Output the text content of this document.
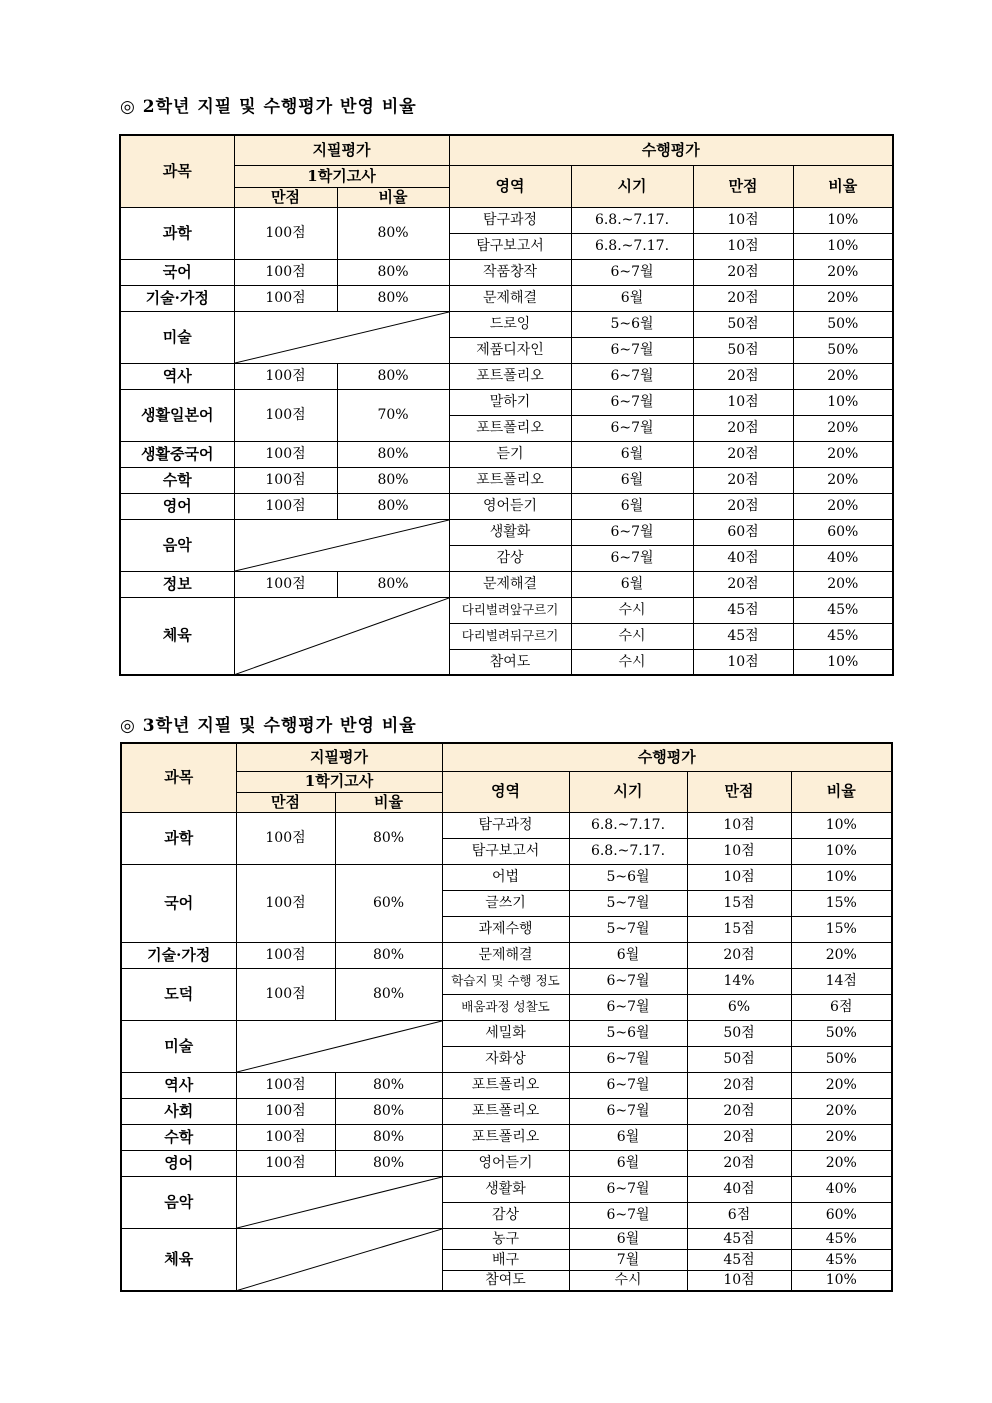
◎ 2학년 지필 및 수행평가 반영 비율
과목	지필평가		수행평가			
	1학기고사		영역	시기	만점	비율
	만점	비율				
과학	100점	80%	탐구과정	6.8.~7.17.	10점	10%
			탐구보고서	6.8.~7.17.	10점	10%
국어	100점	80%	작품창작	6~7월	20점	20%
기술·가정	100점	80%	문제해결	6월	20점	20%
미술			드로잉	5~6월	50점	50%
			제품디자인	6~7월	50점	50%
역사	100점	80%	포트폴리오	6~7월	20점	20%
생활일본어	100점	70%	말하기	6~7월	10점	10%
			포트폴리오	6~7월	20점	20%
생활중국어	100점	80%	듣기	6월	20점	20%
수학	100점	80%	포트폴리오	6월	20점	20%
영어	100점	80%	영어듣기	6월	20점	20%
음악			생활화	6~7월	60점	60%
			감상	6~7월	40점	40%
정보	100점	80%	문제해결	6월	20점	20%
체육			다리벌려앞구르기	수시	45점	45%
			다리벌려뒤구르기	수시	45점	45%
			참여도	수시	10점	10%
◎ 3학년 지필 및 수행평가 반영 비율
과목	지필평가		수행평가			
	1학기고사		영역	시기	만점	비율
	만점	비율				
과학	100점	80%	탐구과정	6.8.~7.17.	10점	10%
			탐구보고서	6.8.~7.17.	10점	10%
국어	100점	60%	어법	5~6월	10점	10%
			글쓰기	5~7월	15점	15%
			과제수행	5~7월	15점	15%
기술·가정	100점	80%	문제해결	6월	20점	20%
도덕	100점	80%	학습지 및 수행 정도	6~7월	14%	14점
			배움과정 성찰도	6~7월	6%	6점
미술			세밀화	5~6월	50점	50%
			자화상	6~7월	50점	50%
역사	100점	80%	포트폴리오	6~7월	20점	20%
사회	100점	80%	포트폴리오	6~7월	20점	20%
수학	100점	80%	포트폴리오	6월	20점	20%
영어	100점	80%	영어듣기	6월	20점	20%
음악			생활화	6~7월	40점	40%
			감상	6~7월	6점	60%
체육			농구	6월	45점	45%
			배구	7월	45점	45%
			참여도	수시	10점	10%
